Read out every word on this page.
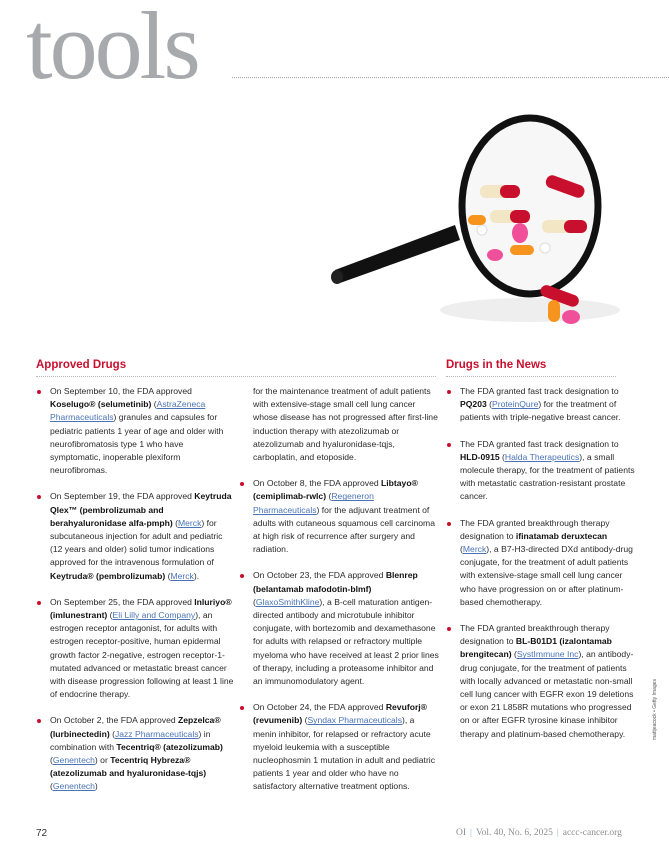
tools
Approved Drugs	Drugs in the News
On September 10, the FDA approved Koselugo® (selumetinib) (AstraZeneca Pharmaceuticals) granules and capsules for pediatric patients 1 year of age and older with neurofibromatosis type 1 who have symptomatic, inoperable plexiform neurofibromas.
On September 19, the FDA approved Keytruda Qlex™ (pembrolizumab and berahyaluronidase alfa-pmph) (Merck) for subcutaneous injection for adult and pediatric (12 years and older) solid tumor indications approved for the intravenous formulation of Keytruda® (pembrolizumab) (Merck).
On September 25, the FDA approved Inluriyo® (imlunestrant) (Eli Lilly and Company), an estrogen receptor antagonist, for adults with estrogen receptor-positive, human epidermal growth factor 2-negative, estrogen receptor-1-mutated advanced or metastatic breast cancer with disease progression following at least 1 line of endocrine therapy.
On October 2, the FDA approved Zepzelca® (lurbinectedin) (Jazz Pharmaceuticals) in combination with Tecentriq® (atezolizumab) (Genentech) or Tecentriq Hybreza® (atezolizumab and hyaluronidase-tqjs) (Genentech)
for the maintenance treatment of adult patients with extensive-stage small cell lung cancer whose disease has not progressed after first-line induction therapy with atezolizumab or atezolizumab and hyaluronidase-tqjs, carboplatin, and etoposide.
On October 8, the FDA approved Libtayo® (cemiplimab-rwlc) (Regeneron Pharmaceuticals) for the adjuvant treatment of adults with cutaneous squamous cell carcinoma at high risk of recurrence after surgery and radiation.
On October 23, the FDA approved Blenrep (belantamab mafodotin-blmf) (GlaxoSmithKline), a B-cell maturation antigen-directed antibody and microtubule inhibitor conjugate, with bortezomib and dexamethasone for adults with relapsed or refractory multiple myeloma who have received at least 2 prior lines of therapy, including a proteasome inhibitor and an immunomodulatory agent.
On October 24, the FDA approved Revuforj® (revumenib) (Syndax Pharmaceuticals), a menin inhibitor, for relapsed or refractory acute myeloid leukemia with a susceptible nucleophosmin 1 mutation in adult and pediatric patients 1 year and older who have no satisfactory alternative treatment options.
The FDA granted fast track designation to PQ203 (ProteinQure) for the treatment of patients with triple-negative breast cancer.
The FDA granted fast track designation to HLD-0915 (Halda Therapeutics), a small molecule therapy, for the treatment of patients with metastatic castration-resistant prostate cancer.
The FDA granted breakthrough therapy designation to ifinatamab deruxtecan (Merck), a B7-H3-directed DXd antibody-drug conjugate, for the treatment of adult patients with extensive-stage small cell lung cancer who have progression on or after platinum-based chemotherapy.
The FDA granted breakthrough therapy designation to BL-B01D1 (izalontamab brengitecan) (SystImmune Inc), an antibody-drug conjugate, for the treatment of patients with locally advanced or metastatic non-small cell lung cancer with EGFR exon 19 deletions or exon 21 L858R mutations who progressed on or after EGFR tyrosine kinase inhibitor therapy and platinum-based chemotherapy.	mattjeacock • Getty Images
72	OI | Vol. 40, No. 6, 2025 | accc-cancer.org
